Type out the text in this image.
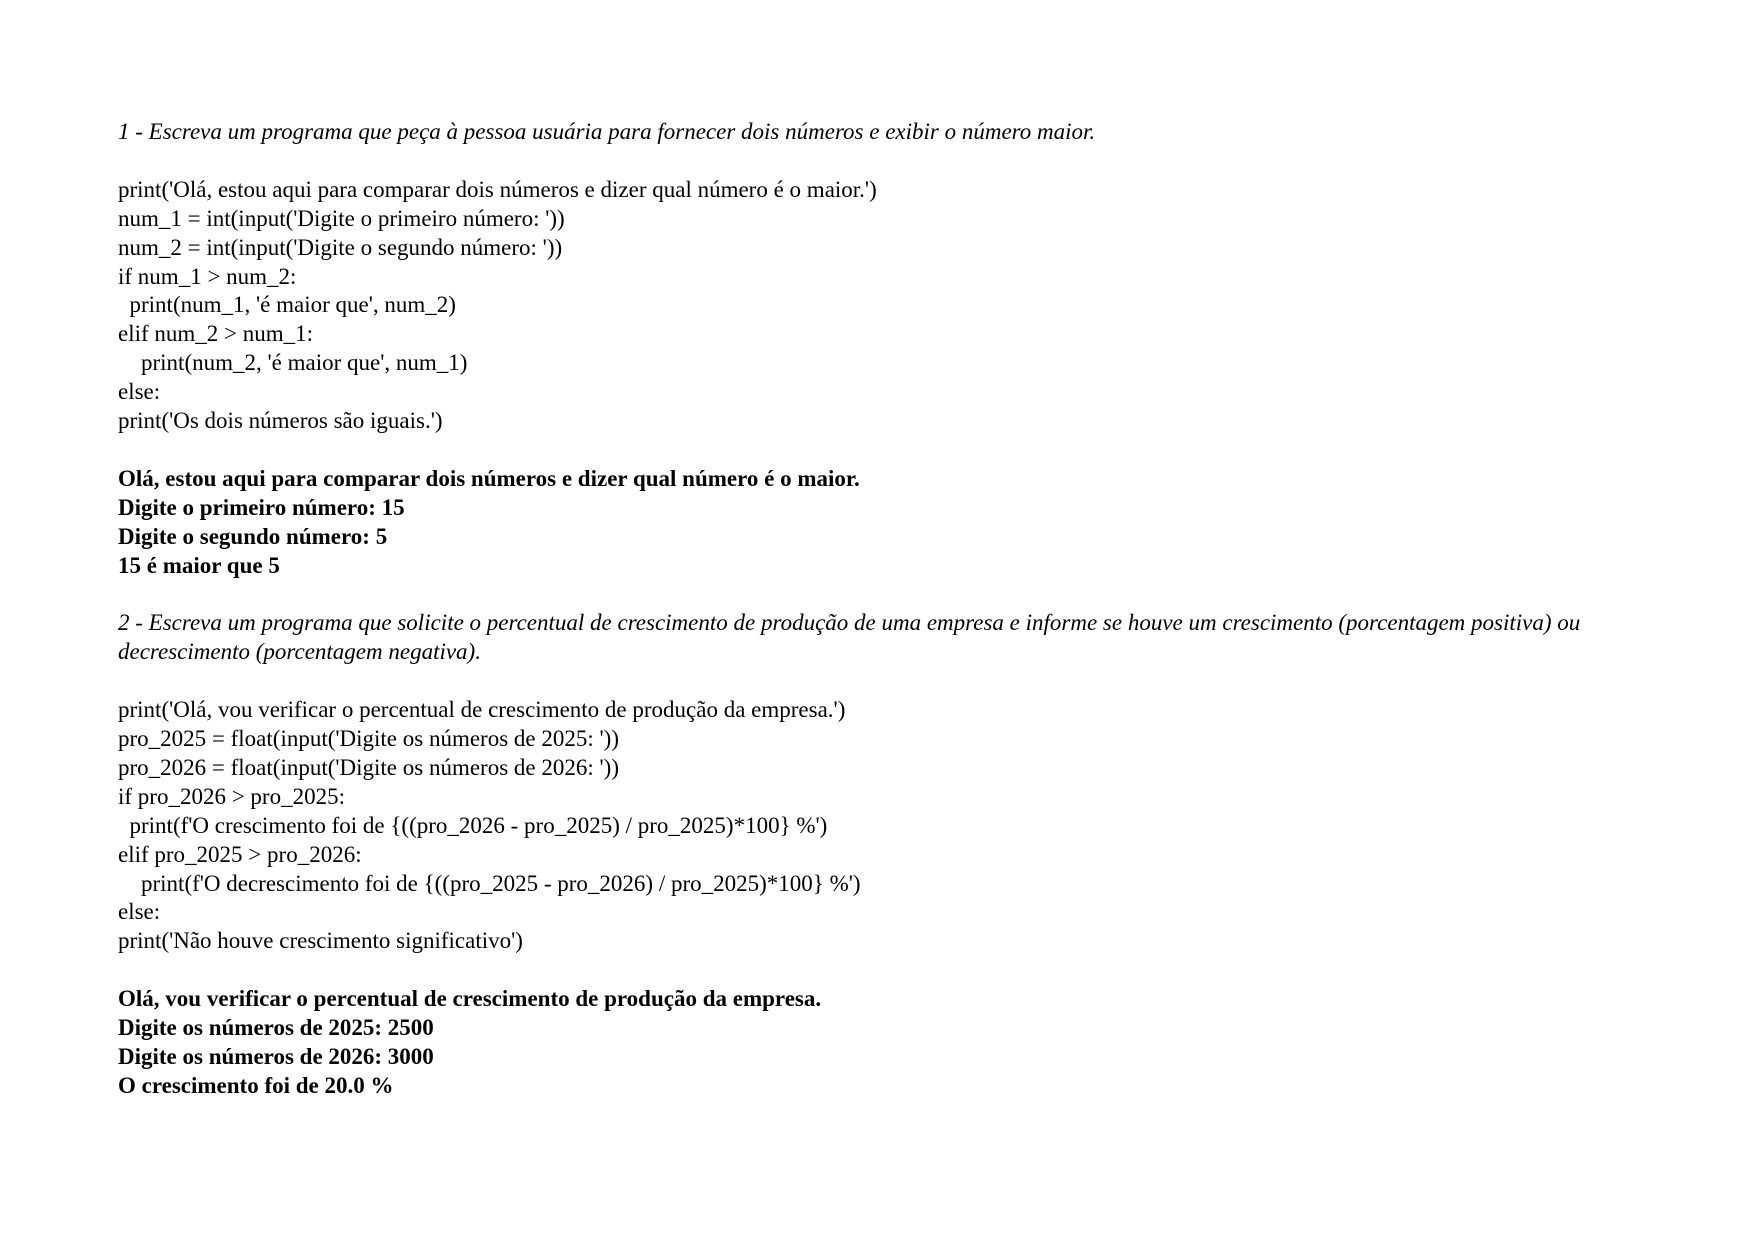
1 - Escreva um programa que peça à pessoa usuária para fornecer dois números e exibir o número maior.
print('Olá, estou aqui para comparar dois números e dizer qual número é o maior.')
num_1 = int(input('Digite o primeiro número: '))
num_2 = int(input('Digite o segundo número: '))
if num_1 > num_2:
print(num_1, 'é maior que', num_2)
elif num_2 > num_1:
print(num_2, 'é maior que', num_1)
else:
print('Os dois números são iguais.')
Olá, estou aqui para comparar dois números e dizer qual número é o maior.
Digite o primeiro número: 15
Digite o segundo número: 5
15 é maior que 5
2 - Escreva um programa que solicite o percentual de crescimento de produção de uma empresa e informe se houve um crescimento (porcentagem positiva) ou decrescimento (porcentagem negativa).
print('Olá, vou verificar o percentual de crescimento de produção da empresa.')
pro_2025 = float(input('Digite os números de 2025: '))
pro_2026 = float(input('Digite os números de 2026: '))
if pro_2026 > pro_2025:
print(f'O crescimento foi de {((pro_2026 - pro_2025) / pro_2025)*100} %')
elif pro_2025 > pro_2026:
print(f'O decrescimento foi de {((pro_2025 - pro_2026) / pro_2025)*100} %')
else:
print('Não houve crescimento significativo')
Olá, vou verificar o percentual de crescimento de produção da empresa.
Digite os números de 2025: 2500
Digite os números de 2026: 3000
O crescimento foi de 20.0 %
